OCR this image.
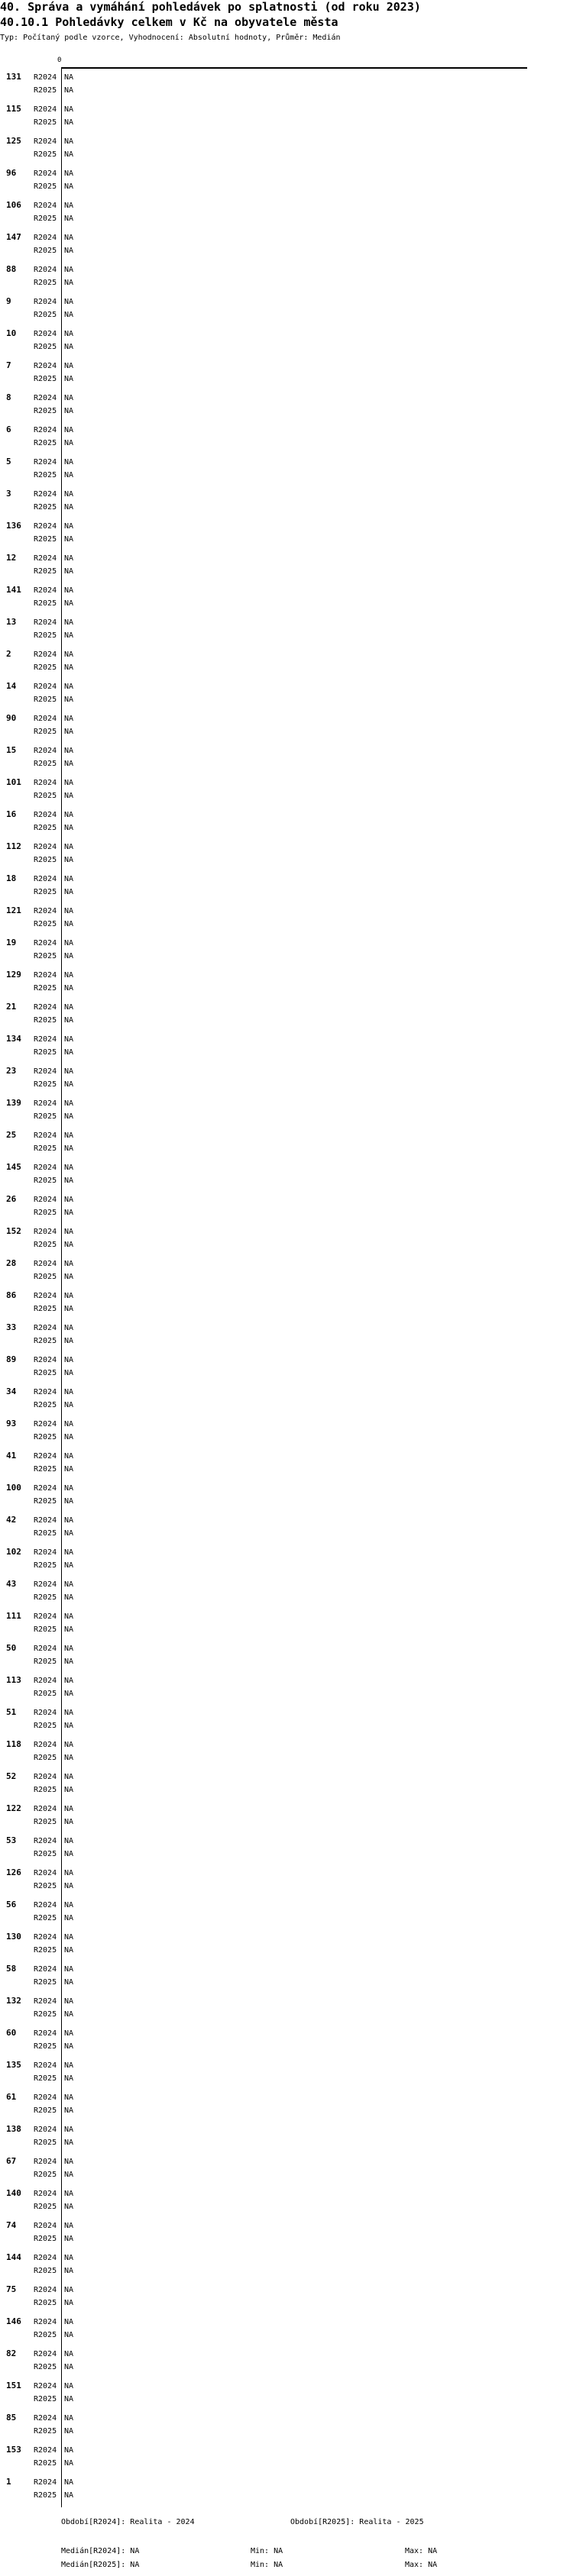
40. Správa a vymáhání pohledávek po splatnosti (od roku 2023)
40.10.1 Pohledávky celkem v Kč na obyvatele města
Typ: Počítaný podle vzorce, Vyhodnocení: Absolutní hodnoty, Průměr: Medián
0
131 R2024 NA
R2025 NA
115 R2024 NA
R2025 NA
125 R2024 NA
R2025 NA
96 R2024 NA
R2025 NA
106 R2024 NA
R2025 NA
147 R2024 NA
R2025 NA
88 R2024 NA
R2025 NA
9	R2024 NA
R2025 NA
10 R2024 NA
R2025 NA
7	R2024 NA
R2025 NA
8	R2024 NA
R2025 NA
6	R2024 NA
R2025 NA
5	R2024 NA
R2025 NA
3	R2024 NA
R2025 NA
136 R2024 NA
R2025 NA
12 R2024 NA
R2025 NA
141 R2024 NA
R2025 NA
13 R2024 NA
R2025 NA
2	R2024 NA
R2025 NA
14 R2024 NA
R2025 NA
90 R2024 NA
R2025 NA
15 R2024 NA
R2025 NA
101 R2024 NA
R2025 NA
16 R2024 NA
R2025 NA
112 R2024 NA
R2025 NA
18 R2024 NA
R2025 NA
121 R2024 NA
R2025 NA
19 R2024 NA
R2025 NA
129 R2024 NA
R2025 NA
21 R2024 NA
R2025 NA
134 R2024 NA
R2025 NA
23 R2024 NA
R2025 NA
139 R2024 NA
R2025 NA
25 R2024 NA
R2025 NA
145 R2024 NA
R2025 NA
26 R2024 NA
R2025 NA
152 R2024 NA
R2025 NA
28 R2024 NA
R2025 NA
86 R2024 NA
R2025 NA
33 R2024 NA
R2025 NA
89 R2024 NA
R2025 NA
34 R2024 NA
R2025 NA
93 R2024 NA
R2025 NA
41 R2024 NA
R2025 NA
100 R2024 NA
R2025 NA
42 R2024 NA
R2025 NA
102 R2024 NA
R2025 NA
43 R2024 NA
R2025 NA
111 R2024 NA
R2025 NA
50 R2024 NA
R2025 NA
113 R2024 NA
R2025 NA
51 R2024 NA
R2025 NA
118 R2024 NA
R2025 NA
52 R2024 NA
R2025 NA
122 R2024 NA
R2025 NA
53 R2024 NA
R2025 NA
126 R2024 NA
R2025 NA
56 R2024 NA
R2025 NA
130 R2024 NA
R2025 NA
58 R2024 NA
R2025 NA
132 R2024 NA
R2025 NA
60 R2024 NA
R2025 NA
135 R2024 NA
R2025 NA
61 R2024 NA
R2025 NA
138 R2024 NA
R2025 NA
67 R2024 NA
R2025 NA
140 R2024 NA
R2025 NA
74 R2024 NA
R2025 NA
144 R2024 NA
R2025 NA
75 R2024 NA
R2025 NA
146 R2024 NA
R2025 NA
82 R2024 NA
R2025 NA
151 R2024 NA
R2025 NA
85 R2024 NA
R2025 NA
153 R2024 NA
R2025 NA
1	R2024 NA
R2025 NA
Období[R2024]: Realita - 2024	Období[R2025]: Realita - 2025
Medián[R2024]: NA	Min: NA	Max: NA
Medián[R2025]: NA	Min: NA	Max: NA
